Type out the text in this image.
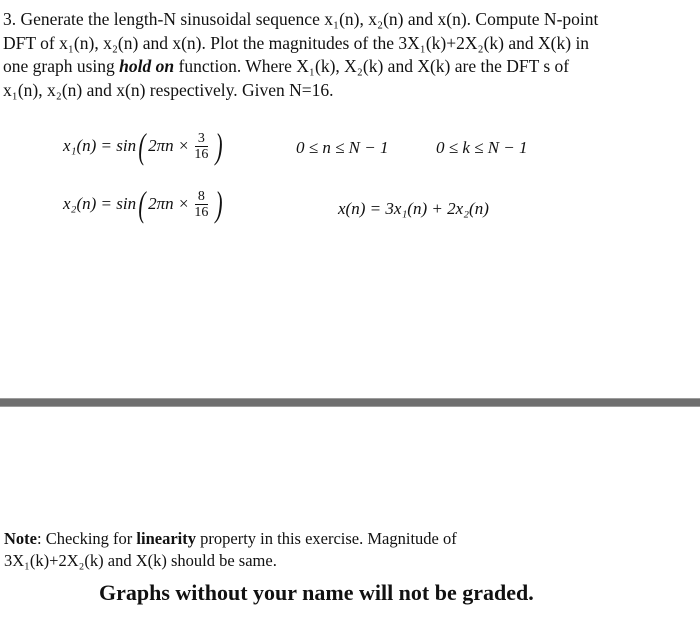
3. Generate the length-N sinusoidal sequence x₁(n), x₂(n) and x(n). Compute N-point
DFT of x₁(n), x₂(n) and x(n). Plot the magnitudes of the 3X₁(k)+2X₂(k) and X(k) in
one graph using hold on function. Where X₁(k), X₂(k) and X(k) are the DFT s of
x₁(n), x₂(n) and x(n) respectively. Given N=16.
x₁(n) = sin ( $2\pi n \times \frac{3}{16}$ )	0 ≤ n ≤ N − 1	0 ≤ k ≤ N − 1
x₂(n) = sin ( $2\pi n \times \frac{8}{16}$ )	x(n) = 3x₁(n) + 2x₂(n)
Note: Checking for linearity property in this exercise. Magnitude of
3X₁(k)+2X₂(k) and X(k) should be same.
Graphs without your name will not be graded.
